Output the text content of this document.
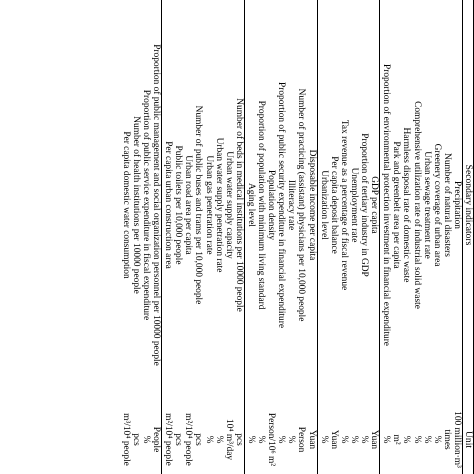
Secondary indicators
Unit
Precipitation
100 million·m³
Number of natural disasters
times
Greenery coverage of urban area
%
Urban sewage treatment rate
%
Comprehensive utilization rate of industrial solid waste
%
Harmless disposal rate of domestic waste
%
Park and greenbelt area per capita
m²
Proportion of environmental protection investment in financial expenditure
%
GDP per capita
Yuan
Proportion of tertiary industry in GDP
%
Unemployment rate
%
Tax revenue as a percentage of fiscal revenue
%
Per capita deposit balance
Yuan
Urbanization level
%
Disposable income per capita
Yuan
Number of practicing (assistant) physicians per 10,000 people
Person
Illiteracy rate
%
Proportion of public security expenditure in financial expenditure
%
Population density
Person/10⁶ m²
Proportion of population with minimum living standard
%
Aging level
%
Number of beds in medical institutions per 10000 people
pcs
Urban water supply capacity
10⁴ m³/day
Urban water supply penetration rate
%
Urban gas penetration rate
%
Number of public buses and trams per 10,000 people
pcs
Urban road area per capita
m²/10⁴ people
Public toilets per 10,000 people
pcs
Per capita urban construction area
m²/10⁴ people
Proportion of public management and social organization personnel per 10000 people
People
Proportion of public service expenditure in fiscal expenditure
%
Number of health institutions per 10000 people
pcs
Per capita domestic water consumption
m³/10⁴ people
